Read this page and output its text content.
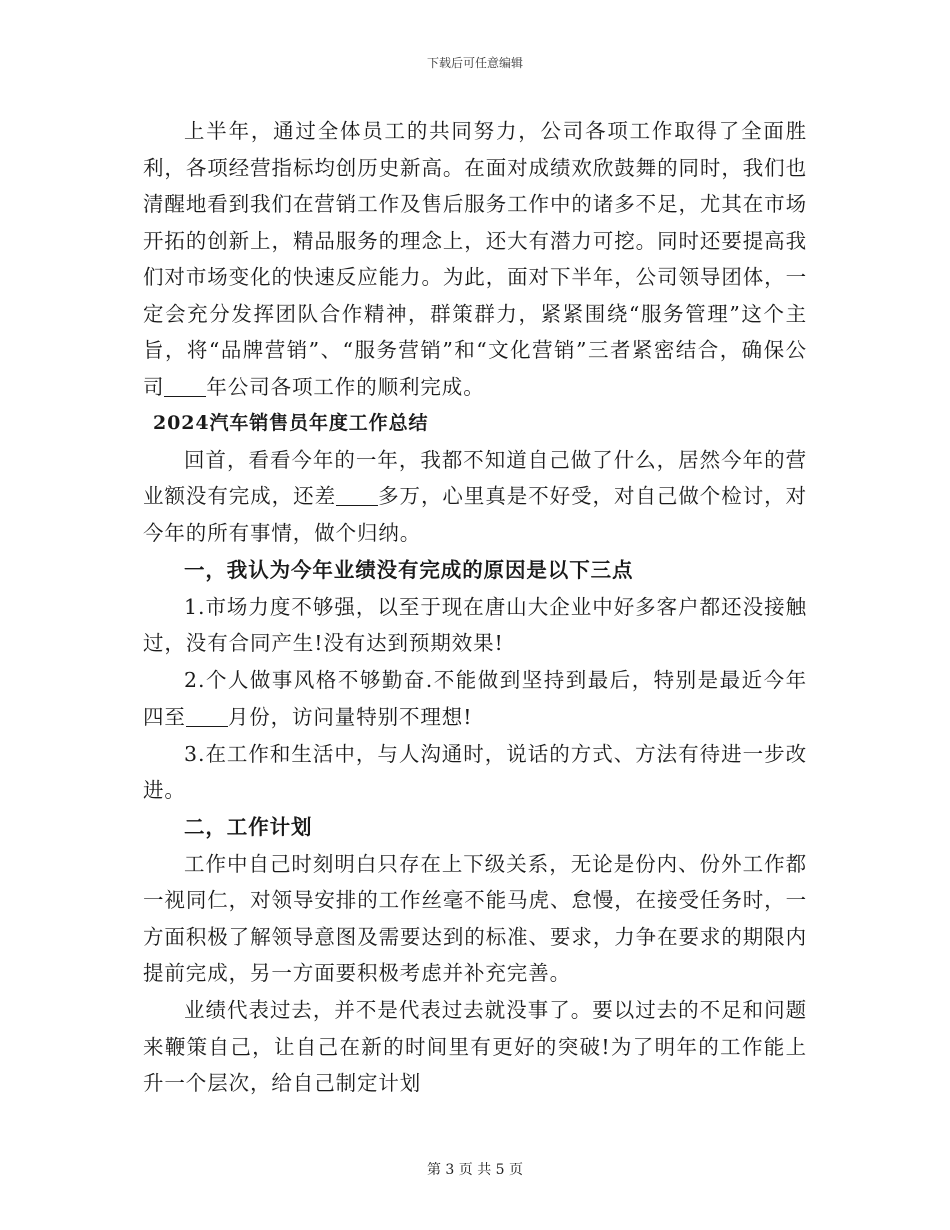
下载后可任意编辑

上半年，通过全体员工的共同努力，公司各项工作取得了全面胜利，各项经营指标均创历史新高。在面对成绩欢欣鼓舞的同时，我们也清醒地看到我们在营销工作及售后服务工作中的诸多不足，尤其在市场开拓的创新上，精品服务的理念上，还大有潜力可挖。同时还要提高我们对市场变化的快速反应能力。为此，面对下半年，公司领导团体，一定会充分发挥团队合作精神，群策群力，紧紧围绕“服务管理”这个主旨，将“品牌营销”、“服务营销”和“文化营销”三者紧密结合，确保公司 年公司各项工作的顺利完成。

2024汽车销售员年度工作总结

回首，看看今年的一年，我都不知道自己做了什么，居然今年的营业额没有完成，还差 多万，心里真是不好受，对自己做个检讨，对今年的所有事情，做个归纳。

一，我认为今年业绩没有完成的原因是以下三点

1.市场力度不够强，以至于现在唐山大企业中好多客户都还没接触过，没有合同产生!没有达到预期效果!

2.个人做事风格不够勤奋.不能做到坚持到最后，特别是最近今年四至 月份，访问量特别不理想!

3.在工作和生活中，与人沟通时，说话的方式、方法有待进一步改进。

二，工作计划

工作中自己时刻明白只存在上下级关系，无论是份内、份外工作都一视同仁，对领导安排的工作丝毫不能马虎、怠慢，在接受任务时，一方面积极了解领导意图及需要达到的标准、要求，力争在要求的期限内提前完成，另一方面要积极考虑并补充完善。

业绩代表过去，并不是代表过去就没事了。要以过去的不足和问题来鞭策自己，让自己在新的时间里有更好的突破!为了明年的工作能上升一个层次，给自己制定计划

第 3 页 共 5 页
